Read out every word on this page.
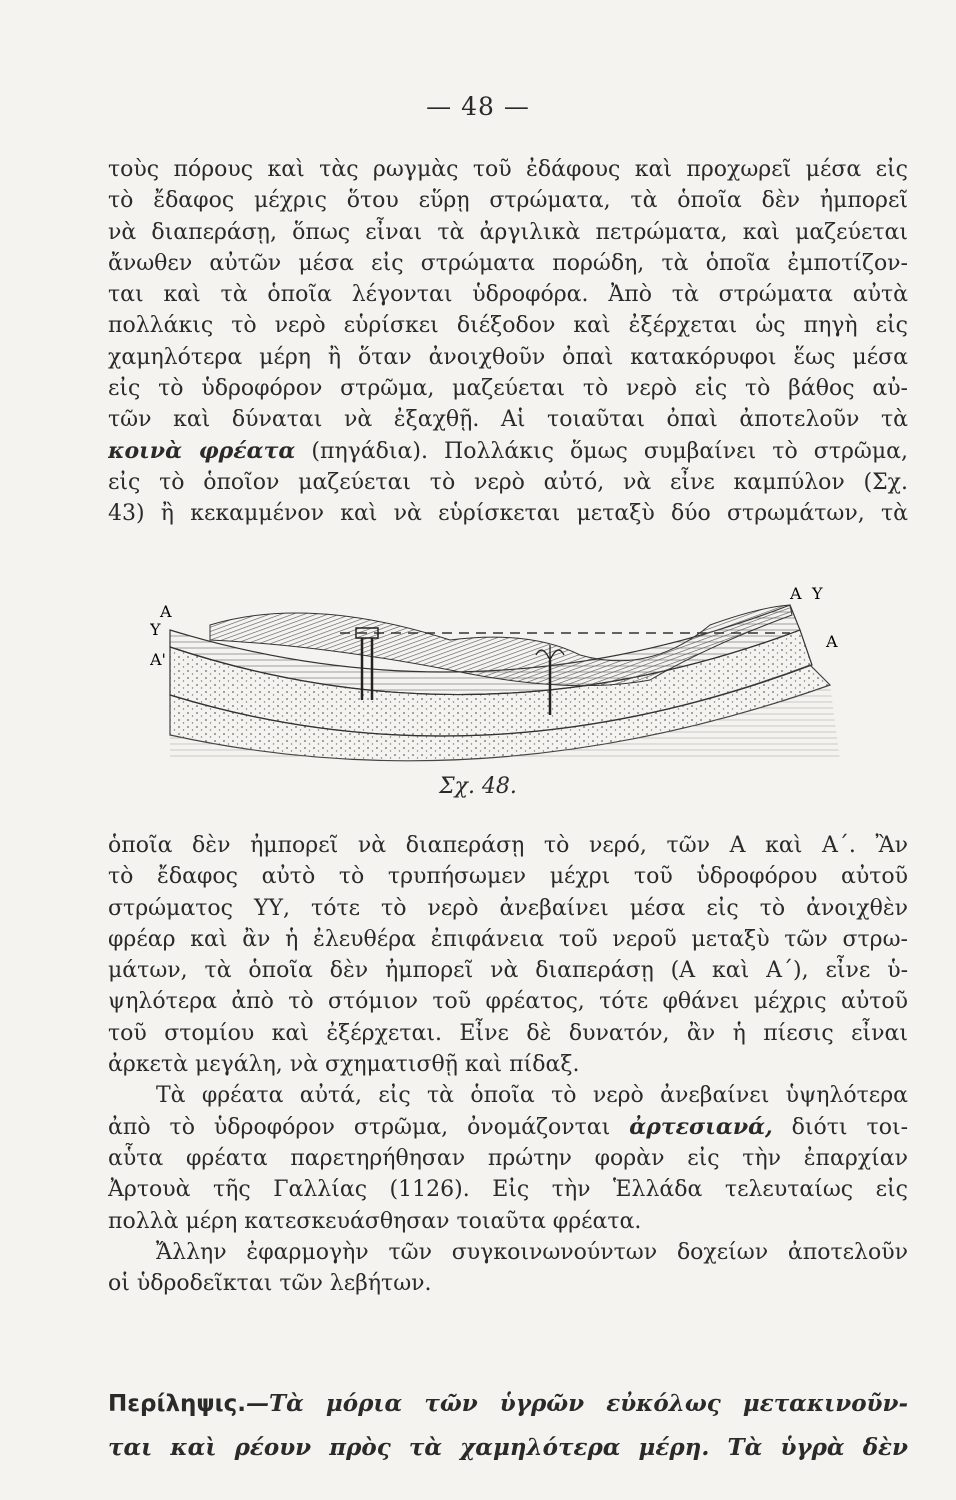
— 48 —
τοὺς πόρους καὶ τὰς ρωγμὰς τοῦ ἐδάφους καὶ προχωρεῖ μέσα εἰς
τὸ ἔδαφος μέχρις ὅτου εὕρῃ στρώματα, τὰ ὁποῖα δὲν ἠμπορεῖ
νὰ διαπεράσῃ, ὅπως εἶναι τὰ ἀργιλικὰ πετρώματα, καὶ μαζεύεται
ἄνωθεν αὐτῶν μέσα εἰς στρώματα πορώδη, τὰ ὁποῖα ἐμποτίζον-
ται καὶ τὰ ὁποῖα λέγονται ὑδροφόρα. Ἀπὸ τὰ στρώματα αὐτὰ
πολλάκις τὸ νερὸ εὑρίσκει διέξοδον καὶ ἐξέρχεται ὡς πηγὴ εἰς
χαμηλότερα μέρη ἢ ὅταν ἀνοιχθοῦν ὀπαὶ κατακόρυφοι ἕως μέσα
εἰς τὸ ὑδροφόρον στρῶμα, μαζεύεται τὸ νερὸ εἰς τὸ βάθος αὐ-
τῶν καὶ δύναται νὰ ἐξαχθῇ. Αἱ τοιαῦται ὀπαὶ ἀποτελοῦν τὰ
κοινὰ φρέατα (πηγάδια). Πολλάκις ὅμως συμβαίνει τὸ στρῶμα,
εἰς τὸ ὁποῖον μαζεύεται τὸ νερὸ αὐτό, νὰ εἶνε καμπύλον (Σχ.
43) ἢ κεκαμμένον καὶ νὰ εὑρίσκεται μεταξὺ δύο στρωμάτων, τὰ
A
Y
A'
A Y
A
Σχ. 48.
ὁποῖα δὲν ἠμπορεῖ νὰ διαπεράσῃ τὸ νερό, τῶν Α καὶ Α΄. Ἂν
τὸ ἔδαφος αὐτὸ τὸ τρυπήσωμεν μέχρι τοῦ ὑδροφόρου αὐτοῦ
στρώματος ΥΥ, τότε τὸ νερὸ ἀνεβαίνει μέσα εἰς τὸ ἀνοιχθὲν
φρέαρ καὶ ἂν ἡ ἐλευθέρα ἐπιφάνεια τοῦ νεροῦ μεταξὺ τῶν στρω-
μάτων, τὰ ὁποῖα δὲν ἠμπορεῖ νὰ διαπεράσῃ (Α καὶ Α΄), εἶνε ὑ-
ψηλότερα ἀπὸ τὸ στόμιον τοῦ φρέατος, τότε φθάνει μέχρις αὐτοῦ
τοῦ στομίου καὶ ἐξέρχεται. Εἶνε δὲ δυνατόν, ἂν ἡ πίεσις εἶναι
ἀρκετὰ μεγάλη, νὰ σχηματισθῇ καὶ πίδαξ.
Τὰ φρέατα αὐτά, εἰς τὰ ὁποῖα τὸ νερὸ ἀνεβαίνει ὑψηλότερα
ἀπὸ τὸ ὑδροφόρον στρῶμα, ὀνομάζονται ἀρτεσιανά, διότι τοι-
αὗτα φρέατα παρετηρήθησαν πρώτην φορὰν εἰς τὴν ἐπαρχίαν
Ἀρτουὰ τῆς Γαλλίας (1126). Εἰς τὴν Ἑλλάδα τελευταίως εἰς
πολλὰ μέρη κατεσκευάσθησαν τοιαῦτα φρέατα.
Ἄλλην ἐφαρμογὴν τῶν συγκοινωνούντων δοχείων ἀποτελοῦν
οἱ ὑδροδεῖκται τῶν λεβήτων.
Περίληψις.—Τὰ μόρια τῶν ὑγρῶν εὐκόλως μετακινοῦν-
ται καὶ ρέουν πρὸς τὰ χαμηλότερα μέρη. Τὰ ὑγρὰ δὲν
